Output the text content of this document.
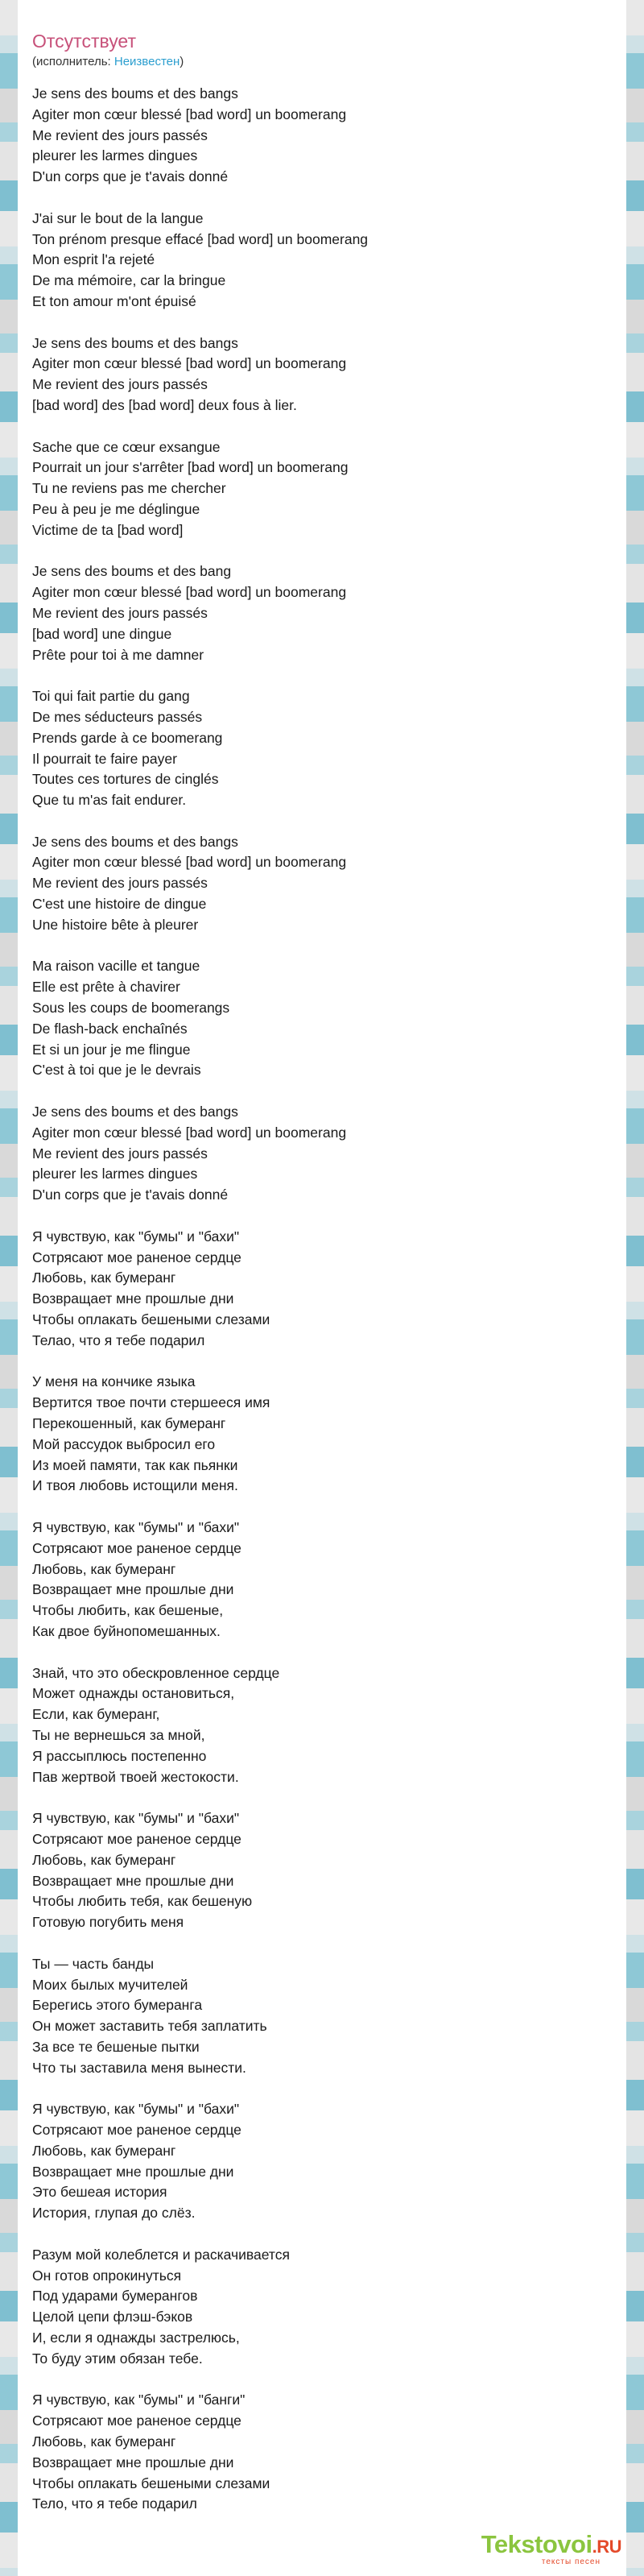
Отсутствует
(исполнитель: Неизвестен)

Je sens des boums et des bangs
Agiter mon cœur blessé [bad word] un boomerang
Me revient des jours passés
pleurer les larmes dingues
D'un corps que je t'avais donné

J'ai sur le bout de la langue
Ton prénom presque effacé [bad word] un boomerang
Mon esprit l'a rejeté
De ma mémoire, car la bringue
Et ton amour m'ont épuisé

Je sens des boums et des bangs
Agiter mon cœur blessé [bad word] un boomerang
Me revient des jours passés
[bad word] des [bad word] deux fous à lier.

Sache que ce cœur exsangue
Pourrait un jour s'arrêter [bad word] un boomerang
Tu ne reviens pas me chercher
Peu à peu je me déglingue
Victime de ta [bad word]

Je sens des boums et des bang
Agiter mon cœur blessé [bad word] un boomerang
Me revient des jours passés
[bad word] une dingue
Prête pour toi à me damner

Toi qui fait partie du gang
De mes séducteurs passés
Prends garde à ce boomerang
Il pourrait te faire payer
Toutes ces tortures de cinglés
Que tu m'as fait endurer.

Je sens des boums et des bangs
Agiter mon cœur blessé [bad word] un boomerang
Me revient des jours passés
C'est une histoire de dingue
Une histoire bête à pleurer

Ma raison vacille et tangue
Elle est prête à chavirer
Sous les coups de boomerangs
De flash-back enchaînés
Et si un jour je me flingue
C'est à toi que je le devrais

Je sens des boums et des bangs
Agiter mon cœur blessé [bad word] un boomerang
Me revient des jours passés
pleurer les larmes dingues
D'un corps que je t'avais donné

Я чувствую, как "бумы" и "бахи"
Сотрясают мое раненое сердце
Любовь, как бумеранг
Возвращает мне прошлые дни
Чтобы оплакать бешеными слезами
Телао, что я тебе подарил

У меня на кончике языка
Вертится твое почти стершееся имя
Перекошенный, как бумеранг
Мой рассудок выбросил его
Из моей памяти, так как пьянки
И твоя любовь истощили меня.

Я чувствую, как "бумы" и "бахи"
Сотрясают мое раненое сердце
Любовь, как бумеранг
Возвращает мне прошлые дни
Чтобы любить, как бешеные,
Как двое буйнопомешанных.

Знай, что это обескровленное сердце
Может однажды остановиться,
Если, как бумеранг,
Ты не вернешься за мной,
Я рассыплюсь постепенно
Пав жертвой твоей жестокости.

Я чувствую, как "бумы" и "бахи"
Сотрясают мое раненое сердце
Любовь, как бумеранг
Возвращает мне прошлые дни
Чтобы любить тебя, как бешеную
Готовую погубить меня

Ты — часть банды
Моих былых мучителей
Берегись этого бумеранга
Он может заставить тебя заплатить
За все те бешеные пытки
Что ты заставила меня вынести.

Я чувствую, как "бумы" и "бахи"
Сотрясают мое раненое сердце
Любовь, как бумеранг
Возвращает мне прошлые дни
Это бешеая история
История, глупая до слёз.

Разум мой колеблется и раскачивается
Он готов опрокинуться
Под ударами бумерангов
Целой цепи флэш-бэков
И, если я однажды застрелюсь,
То буду этим обязан тебе.

Я чувствую, как "бумы" и "банги"
Сотрясают мое раненое сердце
Любовь, как бумеранг
Возвращает мне прошлые дни
Чтобы оплакать бешеными слезами
Тело, что я тебе подарил

Tekstovoi.RU
тексты песен
